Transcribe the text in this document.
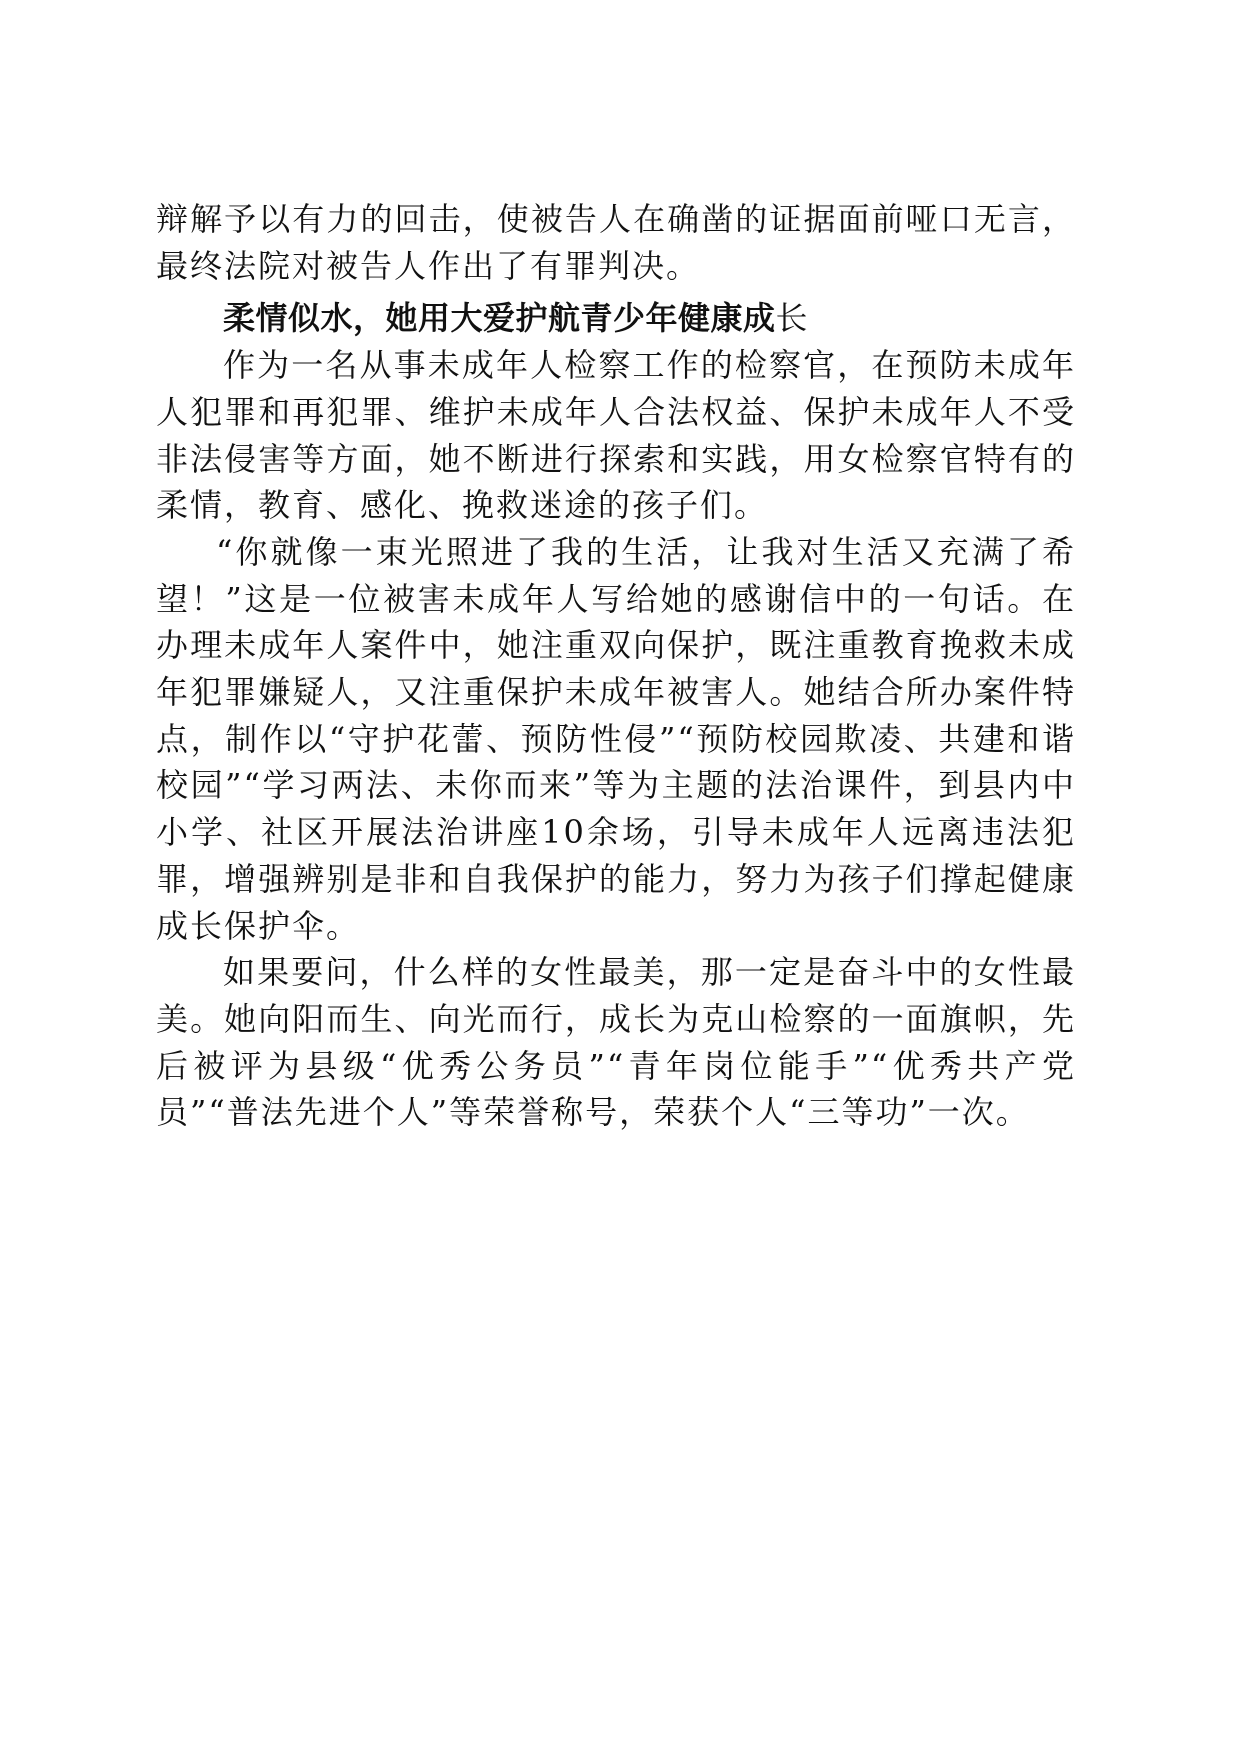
辩解予以有力的回击，使被告人在确凿的证据面前哑口无言，最终法院对被告人作出了有罪判决。

柔情似水，她用大爱护航青少年健康成长

作为一名从事未成年人检察工作的检察官，在预防未成年人犯罪和再犯罪、维护未成年人合法权益、保护未成年人不受非法侵害等方面，她不断进行探索和实践，用女检察官特有的柔情，教育、感化、挽救迷途的孩子们。

“你就像一束光照进了我的生活，让我对生活又充满了希望！”这是一位被害未成年人写给她的感谢信中的一句话。在办理未成年人案件中，她注重双向保护，既注重教育挽救未成年犯罪嫌疑人，又注重保护未成年被害人。她结合所办案件特点，制作以“守护花蕾、预防性侵”“预防校园欺凌、共建和谐校园”“学习两法、未你而来”等为主题的法治课件，到县内中小学、社区开展法治讲座10余场，引导未成年人远离违法犯罪，增强辨别是非和自我保护的能力，努力为孩子们撑起健康成长保护伞。

如果要问，什么样的女性最美，那一定是奋斗中的女性最美。她向阳而生、向光而行，成长为克山检察的一面旗帜，先后被评为县级“优秀公务员”“青年岗位能手”“优秀共产党员”“普法先进个人”等荣誉称号，荣获个人“三等功”一次。
